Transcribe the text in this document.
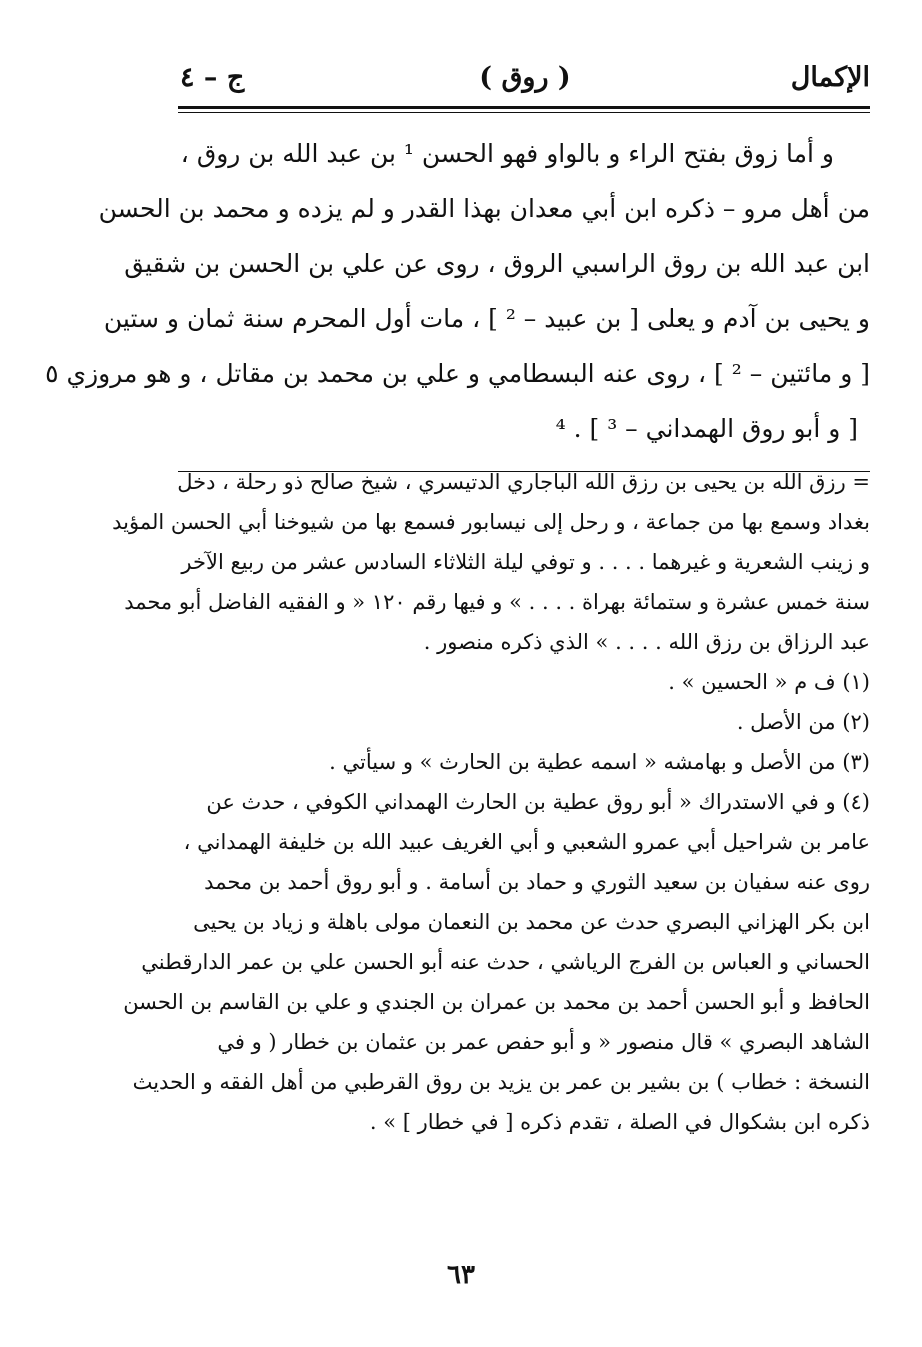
الإكمال
( روق )
ج – ٤

و أما زوق بفتح الراء و بالواو فهو الحسن ¹ بن عبد الله بن روق ،

من أهل مرو – ذكره ابن أبي معدان بهذا القدر و لم يزده و محمد بن الحسن

ابن عبد الله بن روق الراسبي الروق ، روى عن علي بن الحسن بن شقيق

و يحيى بن آدم و يعلى [ بن عبيد – ² ] ، مات أول المحرم سنة ثمان و ستين

[ و مائتين – ² ] ، روى عنه البسطامي و علي بن محمد بن مقاتل ، و هو مروزي ٥

[ و أبو روق الهمداني – ³ ] . ⁴

= رزق الله بن يحيى بن رزق الله الباجاري الدتيسري ، شيخ صالح ذو رحلة ، دخل

بغداد وسمع بها من جماعة ، و رحل إلى نيسابور فسمع بها من شيوخنا أبي الحسن المؤيد

و زينب الشعرية و غيرهما . . . . و توفي ليلة الثلاثاء السادس عشر من ربيع الآخر

سنة خمس عشرة و ستمائة بهراة . . . . » و فيها رقم ١٢٠ « و الفقيه الفاضل أبو محمد

عبد الرزاق بن رزق الله . . . . » الذي ذكره منصور .

(١) ف م « الحسين » .

(٢) من الأصل .

(٣) من الأصل و بهامشه « اسمه عطية بن الحارث » و سيأتي .

(٤) و في الاستدراك « أبو روق عطية بن الحارث الهمداني الكوفي ، حدث عن

عامر بن شراحيل أبي عمرو الشعبي و أبي الغريف عبيد الله بن خليفة الهمداني ،

روى عنه سفيان بن سعيد الثوري و حماد بن أسامة . و أبو روق أحمد بن محمد

ابن بكر الهزاني البصري حدث عن محمد بن النعمان مولى باهلة و زياد بن يحيى

الحساني و العباس بن الفرج الرياشي ، حدث عنه أبو الحسن علي بن عمر الدارقطني

الحافظ و أبو الحسن أحمد بن محمد بن عمران بن الجندي و علي بن القاسم بن الحسن

الشاهد البصري » قال منصور « و أبو حفص عمر بن عثمان بن خطار ( و في

النسخة : خطاب ) بن بشير بن عمر بن يزيد بن روق القرطبي من أهل الفقه و الحديث

ذكره ابن بشكوال في الصلة ، تقدم ذكره [ في خطار ] » .

٦٣
